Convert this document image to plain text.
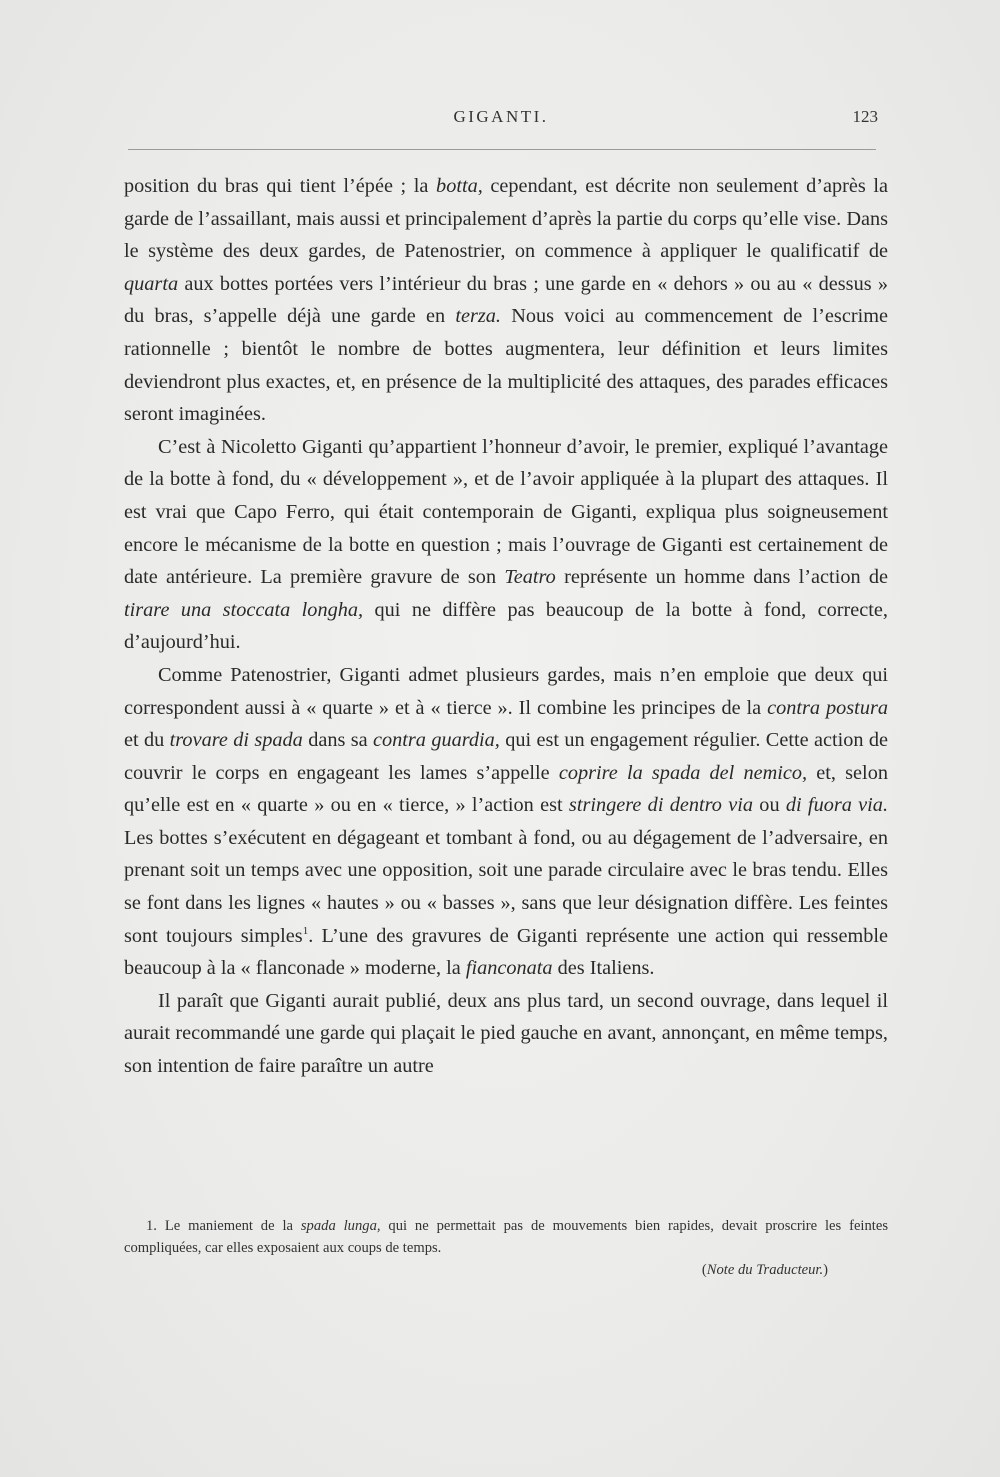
GIGANTI.	123

position du bras qui tient l’épée ; la botta, cependant, est décrite non seulement d’après la garde de l’assaillant, mais aussi et principalement d’après la partie du corps qu’elle vise. Dans le système des deux gardes, de Patenostrier, on commence à appliquer le qualificatif de quarta aux bottes portées vers l’intérieur du bras ; une garde en « dehors » ou au « dessus » du bras, s’appelle déjà une garde en terza. Nous voici au commencement de l’escrime rationnelle ; bientôt le nombre de bottes augmentera, leur définition et leurs limites deviendront plus exactes, et, en présence de la multiplicité des attaques, des parades efficaces seront imaginées.

C’est à Nicoletto Giganti qu’appartient l’honneur d’avoir, le premier, expliqué l’avantage de la botte à fond, du « développement », et de l’avoir appliquée à la plupart des attaques. Il est vrai que Capo Ferro, qui était contemporain de Giganti, expliqua plus soigneusement encore le mécanisme de la botte en question ; mais l’ouvrage de Giganti est certainement de date antérieure. La première gravure de son Teatro représente un homme dans l’action de tirare una stoccata longha, qui ne diffère pas beaucoup de la botte à fond, correcte, d’aujourd’hui.

Comme Patenostrier, Giganti admet plusieurs gardes, mais n’en emploie que deux qui correspondent aussi à « quarte » et à « tierce ». Il combine les principes de la contra postura et du trovare di spada dans sa contra guardia, qui est un engagement régulier. Cette action de couvrir le corps en engageant les lames s’appelle coprire la spada del nemico, et, selon qu’elle est en « quarte » ou en « tierce, » l’action est stringere di dentro via ou di fuora via. Les bottes s’exécutent en dégageant et tombant à fond, ou au dégagement de l’adversaire, en prenant soit un temps avec une opposition, soit une parade circulaire avec le bras tendu. Elles se font dans les lignes « hautes » ou « basses », sans que leur désignation diffère. Les feintes sont toujours simples$^1$. L’une des gravures de Giganti représente une action qui ressemble beaucoup à la « flanconade » moderne, la fianconata des Italiens.

Il paraît que Giganti aurait publié, deux ans plus tard, un second ouvrage, dans lequel il aurait recommandé une garde qui plaçait le pied gauche en avant, annonçant, en même temps, son intention de faire paraître un autre

1. Le maniement de la spada lunga, qui ne permettait pas de mouvements bien rapides, devait proscrire les feintes compliquées, car elles exposaient aux coups de temps.

(Note du Traducteur.)
